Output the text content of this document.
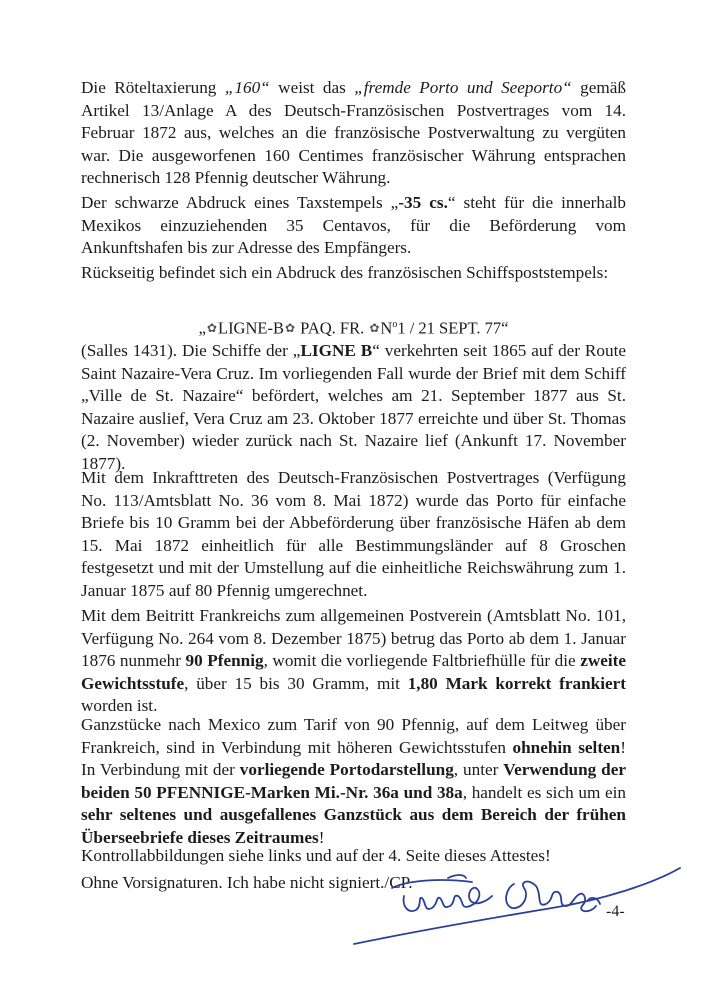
Die Röteltaxierung „160“ weist das „fremde Porto und Seeporto“ gemäß Artikel 13/Anlage A des Deutsch-Französischen Postvertrages vom 14. Februar 1872 aus, welches an die französische Postverwaltung zu vergüten war. Die ausgeworfenen 160 Centimes französischer Währung entsprachen rechnerisch 128 Pfennig deutscher Währung.

Der schwarze Abdruck eines Taxstempels „-35 cs.“ steht für die innerhalb Mexikos einzuziehenden 35 Centavos, für die Beförderung vom Ankunftshafen bis zur Adresse des Empfängers.

Rückseitig befindet sich ein Abdruck des französischen Schiffspoststempels:

„✿LIGNE-B✿ PAQ. FR. $✿N^o1 / 21$ SEPT. 77“

(Salles 1431). Die Schiffe der „LIGNE B“ verkehrten seit 1865 auf der Route Saint Nazaire-Vera Cruz. Im vorliegenden Fall wurde der Brief mit dem Schiff „Ville de St. Nazaire“ befördert, welches am 21. September 1877 aus St. Nazaire auslief, Vera Cruz am 23. Oktober 1877 erreichte und über St. Thomas (2. November) wieder zurück nach St. Nazaire lief (Ankunft 17. November 1877).

Mit dem Inkrafttreten des Deutsch-Französischen Postvertrages (Verfügung No. 113/Amtsblatt No. 36 vom 8. Mai 1872) wurde das Porto für einfache Briefe bis 10 Gramm bei der Abbeförderung über französische Häfen ab dem 15. Mai 1872 einheitlich für alle Bestimmungsländer auf 8 Groschen festgesetzt und mit der Umstellung auf die einheitliche Reichswährung zum 1. Januar 1875 auf 80 Pfennig umgerechnet.

Mit dem Beitritt Frankreichs zum allgemeinen Postverein (Amtsblatt No. 101, Verfügung No. 264 vom 8. Dezember 1875) betrug das Porto ab dem 1. Januar 1876 nunmehr 90 Pfennig, womit die vorliegende Faltbriefhülle für die zweite Gewichtsstufe, über 15 bis 30 Gramm, mit 1,80 Mark korrekt frankiert worden ist.

Ganzstücke nach Mexico zum Tarif von 90 Pfennig, auf dem Leitweg über Frankreich, sind in Verbindung mit höheren Gewichtsstufen ohnehin selten! In Verbindung mit der vorliegende Portodarstellung, unter Verwendung der beiden 50 PFENNIGE-Marken Mi.-Nr. 36a und 38a, handelt es sich um ein sehr seltenes und ausgefallenes Ganzstück aus dem Bereich der frühen Überseebriefe dieses Zeitraumes!

Kontrollabbildungen siehe links und auf der 4. Seite dieses Attestes!

Ohne Vorsignaturen. Ich habe nicht signiert./CP.

-4-
